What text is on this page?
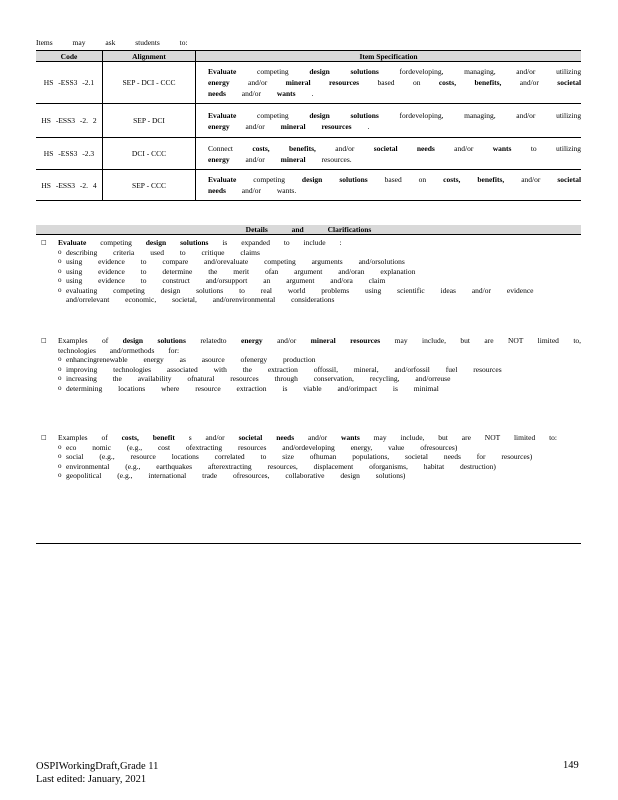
Items may ask students to:
Code	Alignment	Item Specification
HS -ESS3 -2.1	SEP - DCI - CCC	Evaluate competing design solutions fordeveloping, managing, and/or utilizing energy and/or mineral resources based on costs, benefits, and/or societal needs and/or wants .
HS -ESS3 -2. 2	SEP - DCI	Evaluate competing design solutions fordeveloping, managing, and/or utilizing energy and/or mineral resources .
HS -ESS3 -2.3	DCI - CCC	Connect costs, benefits, and/or societal needs and/or wants to utilizing energy and/or mineral resources.
HS -ESS3 -2. 4	SEP - CCC	Evaluate competing design solutions based on costs, benefits, and/or societal needs and/or wants.
Details and Clarifications
□ Evaluate competing design solutions is expanded to include :
o describing criteria used to critique claims
o using evidence to compare and/orevaluate competing arguments and/orsolutions
o using evidence to determine the merit ofan argument and/oran explanation
o using evidence to construct and/orsupport an argument and/ora claim
o evaluating competing design solutions to real world problems using scientific ideas and/or evidence and/orrelevant economic, societal, and/orenvironmental considerations
□ Examples of design solutions relatedto energy and/or mineral resources may include, but are NOT limited to, technologies and/ormethods for:
o enhancingrenewable energy as asource ofenergy production
o improving technologies associated with the extraction offossil, mineral, and/orfossil fuel resources
o increasing the availability ofnatural resources through conservation, recycling, and/orreuse
o determining locations where resource extraction is viable and/orimpact is minimal
□ Examples of costs, benefit s and/or societal needs and/or wants may include, but are NOT limited to:
o eco nomic (e.g., cost ofextracting resources and/ordeveloping energy, value ofresources)
o social (e.g., resource locations correlated to size ofhuman populations, societal needs for resources)
o environmental (e.g., earthquakes afterextracting resources, displacement oforganisms, habitat destruction)
o geopolitical (e.g., international trade ofresources, collaborative design solutions)
OSPIWorkingDraft,Grade 11
Last edited: January, 2021
149
